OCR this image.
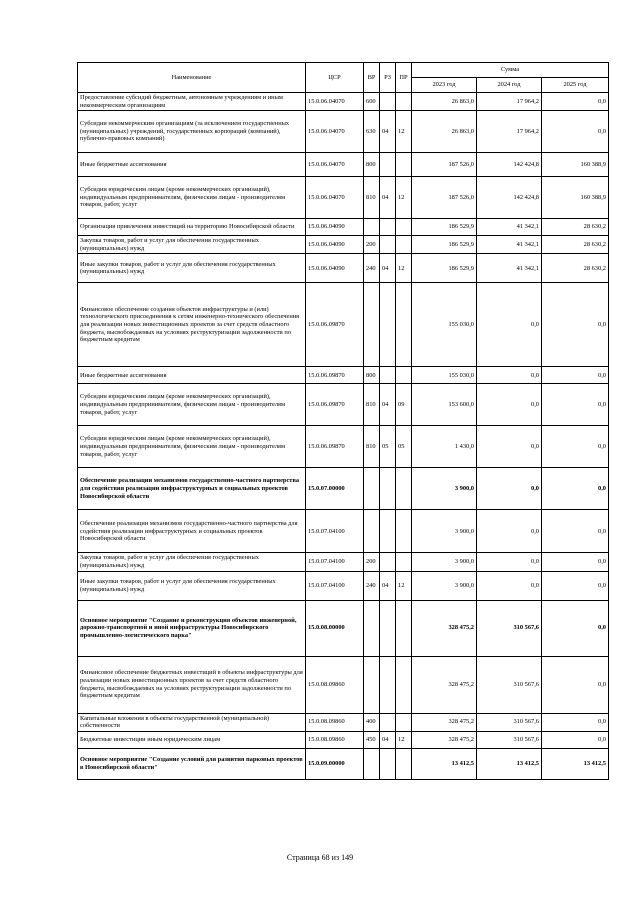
Наименование	ЦСР	ВР	РЗ	ПР	Сумма		
					2023 год	2024 год	2025 год
Предоставление субсидий бюджетным, автономным учреждениям и иным некоммерческим организациям	15.0.06.04070	600			26 863,0	17 964,2	0,0
Субсидии некоммерческим организациям (за исключением государственных (муниципальных) учреждений, государственных корпораций (компаний), публично-правовых компаний)	15.0.06.04070	630	04	12	26 863,0	17 964,2	0,0
Иные бюджетные ассигнования	15.0.06.04070	800			187 526,0	142 424,8	160 388,9
Субсидии юридическим лицам (кроме некоммерческих организаций), индивидуальным предпринимателям, физическим лицам - производителям товаров, работ, услуг	15.0.06.04070	810	04	12	187 526,0	142 424,8	160 388,9
Организация привлечения инвестиций на территорию Новосибирской области	15.0.06.04090				186 529,9	41 342,1	28 630,2
Закупка товаров, работ и услуг для обеспечения государственных (муниципальных) нужд	15.0.06.04090	200			186 529,9	41 342,1	28 630,2
Иные закупки товаров, работ и услуг для обеспечения государственных (муниципальных) нужд	15.0.06.04090	240	04	12	186 529,9	41 342,1	28 630,2
Финансовое обеспечение создания объектов инфраструктуры и (или) технологического присоединения к сетям инженерно-технического обеспечения для реализации новых инвестиционных проектов за счет средств областного бюджета, высвобождаемых на условиях реструктуризации задолженности по бюджетным кредитам	15.0.06.09870				155 030,0	0,0	0,0
Иные бюджетные ассигнования	15.0.06.09870	800			155 030,0	0,0	0,0
Субсидии юридическим лицам (кроме некоммерческих организаций), индивидуальным предпринимателям, физическим лицам - производителям товаров, работ, услуг	15.0.06.09870	810	04	09	153 600,0	0,0	0,0
Субсидии юридическим лицам (кроме некоммерческих организаций), индивидуальным предпринимателям, физическим лицам - производителям товаров, работ, услуг	15.0.06.09870	810	05	05	1 430,0	0,0	0,0
Обеспечение реализации механизмов государственно-частного партнерства для содействия реализации инфраструктурных и социальных проектов Новосибирской области	15.0.07.00000				3 900,0	0,0	0,0
Обеспечение реализации механизмов государственно-частного партнерства для содействия реализации инфраструктурных и социальных проектов Новосибирской области	15.0.07.04100				3 900,0	0,0	0,0
Закупка товаров, работ и услуг для обеспечения государственных (муниципальных) нужд	15.0.07.04100	200			3 900,0	0,0	0,0
Иные закупки товаров, работ и услуг для обеспечения государственных (муниципальных) нужд	15.0.07.04100	240	04	12	3 900,0	0,0	0,0
Основное мероприятие "Создание и реконструкция объектов инженерной, дорожно-транспортной и иной инфраструктуры Новосибирского промышленно-логистического парка"	15.0.08.00000				328 475,2	310 567,6	0,0
Финансовое обеспечение бюджетных инвестиций в объекты инфраструктуры для реализации новых инвестиционных проектов за счет средств областного бюджета, высвобождаемых на условиях реструктуризации задолженности по бюджетным кредитам	15.0.08.09860				328 475,2	310 567,6	0,0
Капитальные вложения в объекты государственной (муниципальной) собственности	15.0.08.09860	400			328 475,2	310 567,6	0,0
Бюджетные инвестиции иным юридическим лицам	15.0.08.09860	450	04	12	328 475,2	310 567,6	0,0
Основное мероприятие "Создание условий для развития парковых проектов в Новосибирской области"	15.0.09.00000				13 412,5	13 412,5	13 412,5
Страница 68 из 149
